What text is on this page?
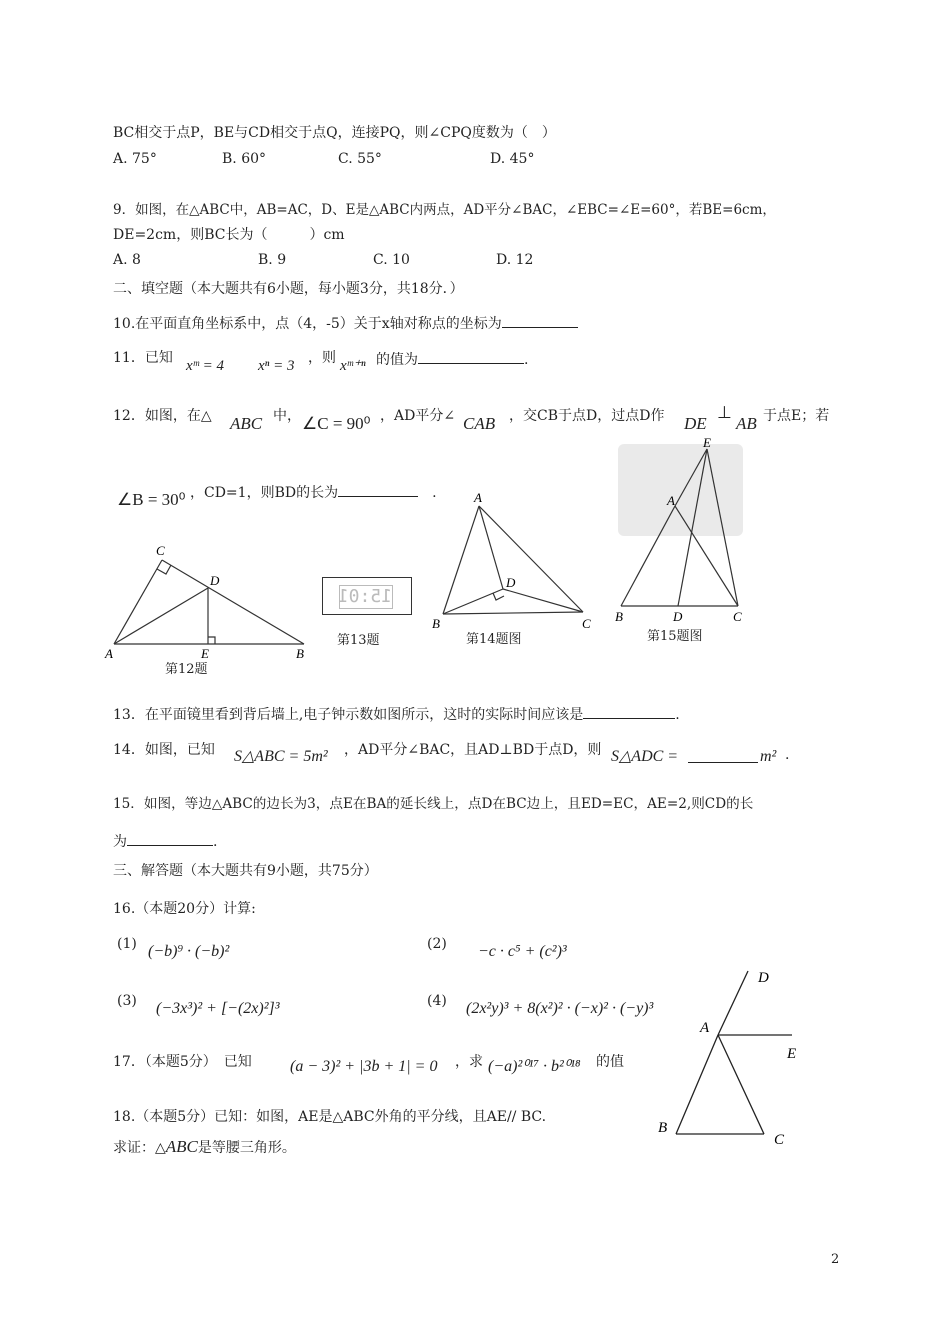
BC相交于点P，BE与CD相交于点Q，连接PQ，则∠CPQ度数为（　）
A. 75°	B. 60°	C. 55°	D. 45°
9．如图，在△ABC中，AB=AC，D、E是△ABC内两点，AD平分∠BAC，∠EBC=∠E=60°，若BE=6cm，
DE=2cm，则BC长为（　　　）cm
A. 8	B. 9	C. 10	D. 12
二、填空题（本大题共有6小题，每小题3分，共18分．）
10.在平面直角坐标系中，点（4，-5）关于x轴对称点的坐标为
11．已知 xᵐ = 4 xⁿ = 3 ，则 xᵐ⁺ⁿ 的值为	.
12．如图，在△ ABC 中， ∠C = 90⁰ ，AD平分∠ CAB ，交CB于点D，过点D作 DE
⊥
AB 于点E；若
∠B = 30⁰ ，CD=1，则BD的长为	　.
C
D
A	E	B
第12题
15:01
第13题
A
D
B	C
第14题图
E
A
B	D	C
第15题图
13．在平面镜里看到背后墙上,电子钟示数如图所示，这时的实际时间应该是	.
14．如图，已知 S△ABC = 5m² ，AD平分∠BAC，且AD⊥BD于点D，则 S△ADC =	m² .
15．如图，等边△ABC的边长为3，点E在BA的延长线上，点D在BC边上，且ED=EC，AE=2,则CD的长
为	.
三、解答题（本大题共有9小题，共75分）
16.（本题20分）计算:
(1) (−b)⁹ · (−b)²	(2) −c · c⁵ + (c²)³
(3) (−3x³)² + [−(2x)²]³	(4) (2x²y)³ + 8(x²)² · (−x)² · (−y)³
17．（本题5分）　已知 (a − 3)² + |3b + 1| = 0 ，求 (−a)²⁰¹⁷ · b²⁰¹⁸ 的值
18.（本题5分）已知：如图，AE是△ABC外角的平分线，且AE// BC.
求证：△ABC是等腰三角形。
D
A
E
B
C
2
